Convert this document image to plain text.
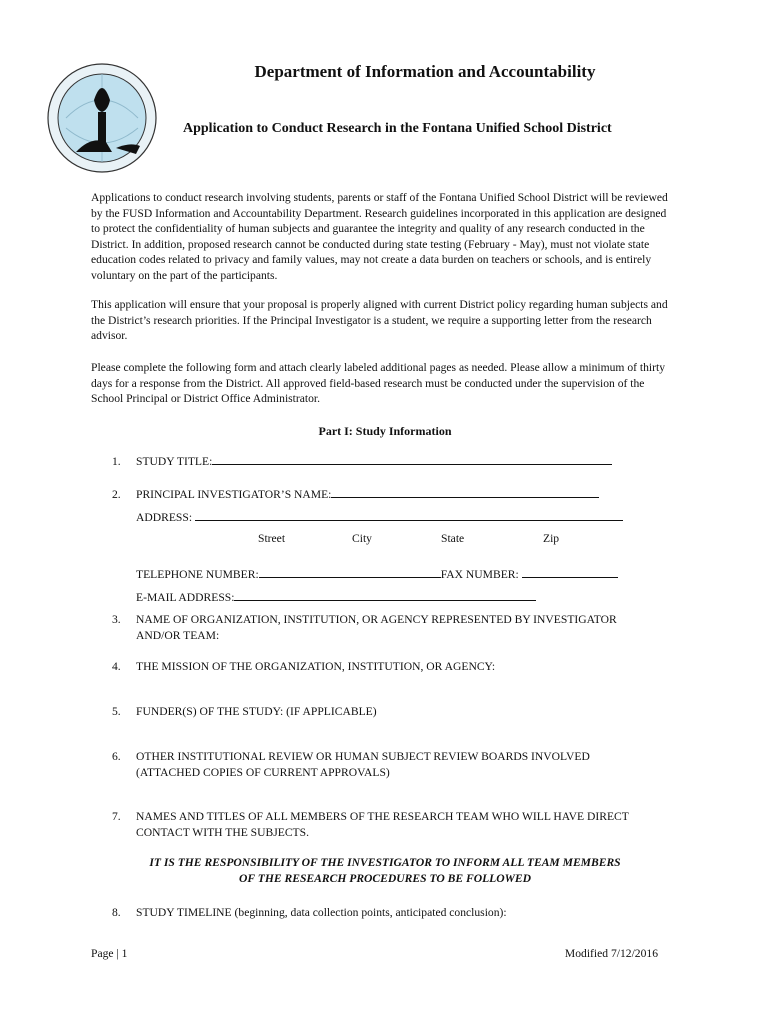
Department of Information and Accountability
Application to Conduct Research in the Fontana Unified School District
Applications to conduct research involving students, parents or staff of the Fontana Unified School District will be reviewed by the FUSD Information and Accountability Department. Research guidelines incorporated in this application are designed to protect the confidentiality of human subjects and guarantee the integrity and quality of any research conducted in the District. In addition, proposed research cannot be conducted during state testing (February - May), must not violate state education codes related to privacy and family values, may not create a data burden on teachers or schools, and is entirely voluntary on the part of the participants.
This application will ensure that your proposal is properly aligned with current District policy regarding human subjects and the District’s research priorities. If the Principal Investigator is a student, we require a supporting letter from the research advisor.
Please complete the following form and attach clearly labeled additional pages as needed. Please allow a minimum of thirty days for a response from the District. All approved field-based research must be conducted under the supervision of the School Principal or District Office Administrator.
Part I: Study Information
1.	STUDY TITLE:
2.	PRINCIPAL INVESTIGATOR’S NAME:
ADDRESS:
Street	City	State	Zip
TELEPHONE NUMBER:	FAX NUMBER:
E-MAIL ADDRESS:
3.	NAME OF ORGANIZATION, INSTITUTION, OR AGENCY REPRESENTED BY INVESTIGATOR AND/OR TEAM:
4.	THE MISSION OF THE ORGANIZATION, INSTITUTION, OR AGENCY:
5.	FUNDER(S) OF THE STUDY: (IF APPLICABLE)
6.	OTHER INSTITUTIONAL REVIEW OR HUMAN SUBJECT REVIEW BOARDS INVOLVED (ATTACHED COPIES OF CURRENT APPROVALS)
7.	NAMES AND TITLES OF ALL MEMBERS OF THE RESEARCH TEAM WHO WILL HAVE DIRECT CONTACT WITH THE SUBJECTS.
IT IS THE RESPONSIBILITY OF THE INVESTIGATOR TO INFORM ALL TEAM MEMBERS
OF THE RESEARCH PROCEDURES TO BE FOLLOWED
8.	STUDY TIMELINE (beginning, data collection points, anticipated conclusion):
Page | 1	Modified 7/12/2016
